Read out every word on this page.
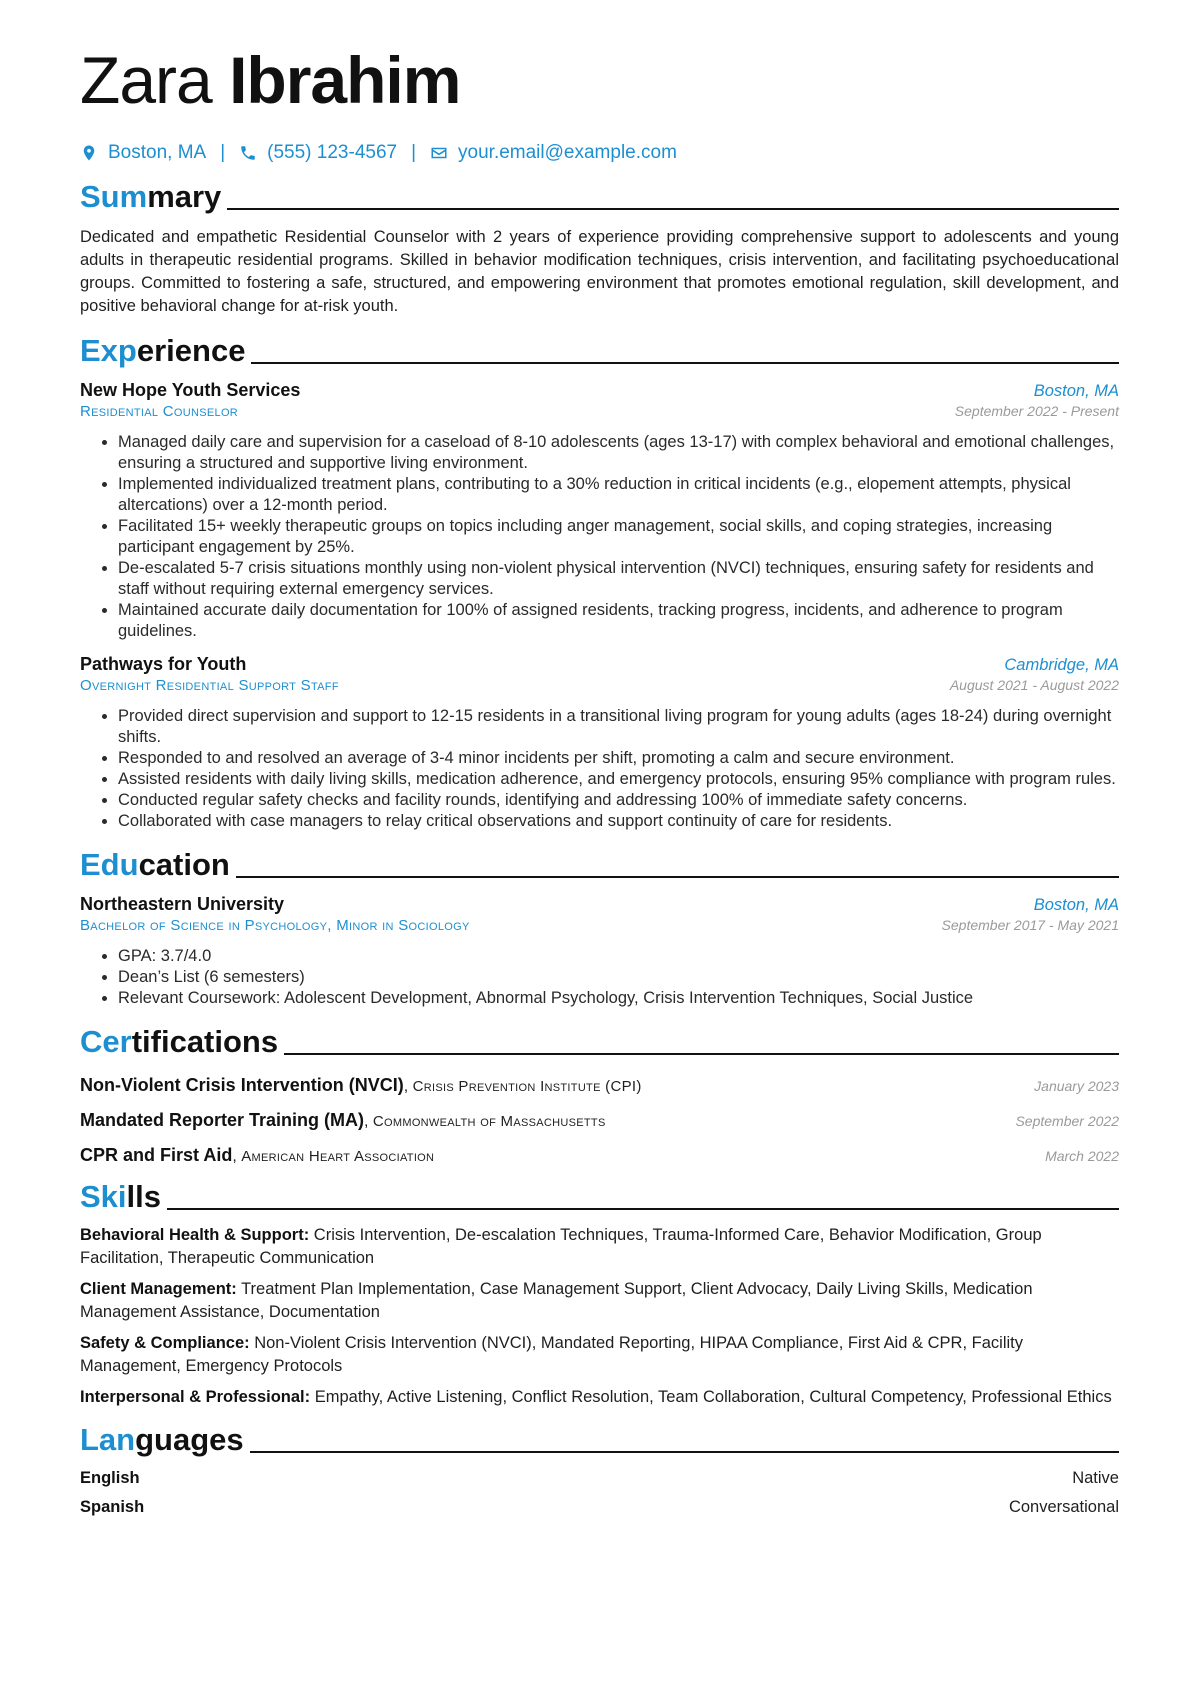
Zara Ibrahim
Boston, MA | (555) 123-4567 | your.email@example.com
Summary
Dedicated and empathetic Residential Counselor with 2 years of experience providing comprehensive support to adolescents and young adults in therapeutic residential programs. Skilled in behavior modification techniques, crisis intervention, and facilitating psychoeducational groups. Committed to fostering a safe, structured, and empowering environment that promotes emotional regulation, skill development, and positive behavioral change for at-risk youth.
Experience
New Hope Youth Services	Boston, MA
Residential Counselor	September 2022 - Present
• Managed daily care and supervision for a caseload of 8-10 adolescents (ages 13-17) with complex behavioral and emotional challenges, ensuring a structured and supportive living environment.
• Implemented individualized treatment plans, contributing to a 30% reduction in critical incidents (e.g., elopement attempts, physical altercations) over a 12-month period.
• Facilitated 15+ weekly therapeutic groups on topics including anger management, social skills, and coping strategies, increasing participant engagement by 25%.
• De-escalated 5-7 crisis situations monthly using non-violent physical intervention (NVCI) techniques, ensuring safety for residents and staff without requiring external emergency services.
• Maintained accurate daily documentation for 100% of assigned residents, tracking progress, incidents, and adherence to program guidelines.
Pathways for Youth	Cambridge, MA
Overnight Residential Support Staff	August 2021 - August 2022
• Provided direct supervision and support to 12-15 residents in a transitional living program for young adults (ages 18-24) during overnight shifts.
• Responded to and resolved an average of 3-4 minor incidents per shift, promoting a calm and secure environment.
• Assisted residents with daily living skills, medication adherence, and emergency protocols, ensuring 95% compliance with program rules.
• Conducted regular safety checks and facility rounds, identifying and addressing 100% of immediate safety concerns.
• Collaborated with case managers to relay critical observations and support continuity of care for residents.
Education
Northeastern University	Boston, MA
Bachelor of Science in Psychology, Minor in Sociology	September 2017 - May 2021
• GPA: 3.7/4.0
• Dean’s List (6 semesters)
• Relevant Coursework: Adolescent Development, Abnormal Psychology, Crisis Intervention Techniques, Social Justice
Certifications
Non-Violent Crisis Intervention (NVCI), Crisis Prevention Institute (CPI)	January 2023
Mandated Reporter Training (MA), Commonwealth of Massachusetts	September 2022
CPR and First Aid, American Heart Association	March 2022
Skills
Behavioral Health & Support: Crisis Intervention, De-escalation Techniques, Trauma-Informed Care, Behavior Modification, Group Facilitation, Therapeutic Communication
Client Management: Treatment Plan Implementation, Case Management Support, Client Advocacy, Daily Living Skills, Medication Management Assistance, Documentation
Safety & Compliance: Non-Violent Crisis Intervention (NVCI), Mandated Reporting, HIPAA Compliance, First Aid & CPR, Facility Management, Emergency Protocols
Interpersonal & Professional: Empathy, Active Listening, Conflict Resolution, Team Collaboration, Cultural Competency, Professional Ethics
Languages
English	Native
Spanish	Conversational
